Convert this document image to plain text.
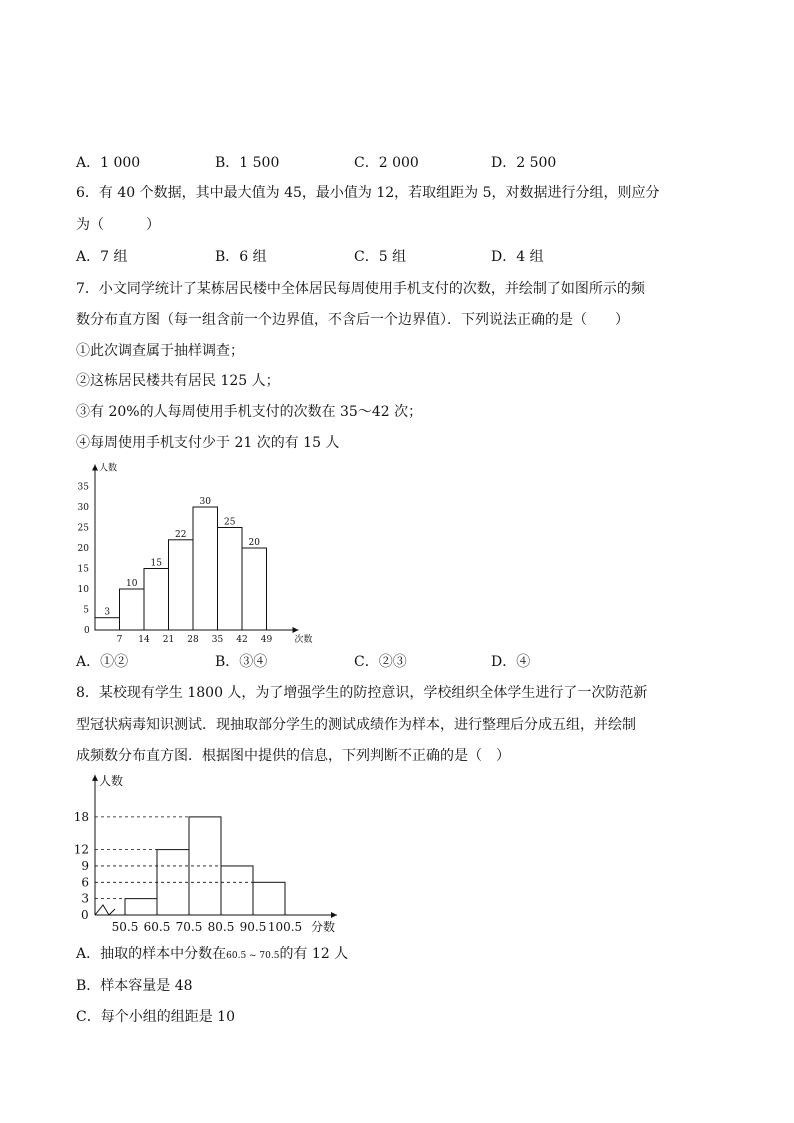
A．1 000	B．1 500	C．2 000	D．2 500
6．有 40 个数据，其中最大值为 45，最小值为 12，若取组距为 5，对数据进行分组，则应分
为（　　　）
A．7 组	B．6 组	C．5 组	D．4 组
7．小文同学统计了某栋居民楼中全体居民每周使用手机支付的次数，并绘制了如图所示的频
数分布直方图（每一组含前一个边界值，不含后一个边界值）．下列说法正确的是（　　）
①此次调查属于抽样调查；
②这栋居民楼共有居民 125 人；
③有 20%的人每周使用手机支付的次数在 35～42 次；
④每周使用手机支付少于 21 次的有 15 人
人数
次数
0
5
10
15
20
25
30
35
7 14 21 28 35 42 49
3
10
15
22
30
25
20
A．①②	B．③④	C．②③	D．④
8．某校现有学生 1800 人，为了增强学生的防控意识，学校组织全体学生进行了一次防范新
型冠状病毒知识测试．现抽取部分学生的测试成绩作为样本，进行整理后分成五组，并绘制
成频数分布直方图．根据图中提供的信息，下列判断不正确的是（　）
人数
分数
0
3
6
9
12
18
50.5 60.5 70.5 80.5 90.5 100.5
A．抽取的样本中分数在60.5 ~ 70.5的有 12 人
B．样本容量是 48
C．每个小组的组距是 10
